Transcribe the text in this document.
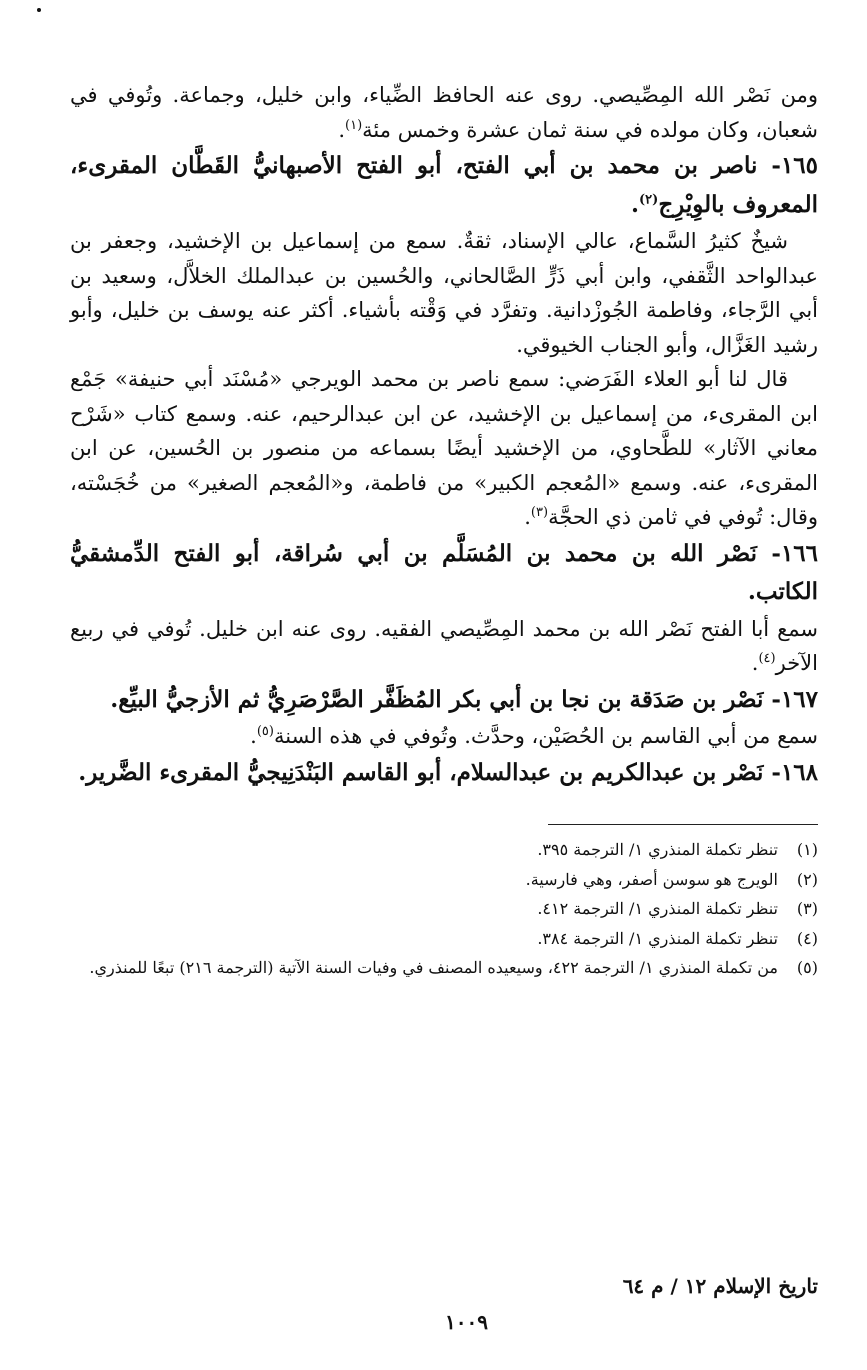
ومن نَصْر الله المِصِّيصي. روى عنه الحافظ الضِّياء، وابن خليل، وجماعة. وتُوفي في شعبان، وكان مولده في سنة ثمان عشرة وخمس مئة$^{(١)}$.

١٦٥- ناصر بن محمد بن أبي الفتح، أبو الفتح الأصبهانيُّ القَطَّان المقرىء، المعروف بالوِيْرِج$^{(٢)}$.

شيخٌ كثيرُ السَّماع، عالي الإسناد، ثقةٌ. سمع من إسماعيل بن الإخشيد، وجعفر بن عبدالواحد الثَّقفي، وابن أبي ذَرٍّ الصَّالحاني، والحُسين بن عبدالملك الخلاَّل، وسعيد بن أبي الرَّجاء، وفاطمة الجُوزْدانية. وتفرَّد في وَقْته بأشياء. أكثر عنه يوسف بن خليل، وأبو رشيد الغَزَّال، وأبو الجناب الخيوقي.

قال لنا أبو العلاء الفَرَضي: سمع ناصر بن محمد الويرجي «مُسْنَد أبي حنيفة» جَمْع ابن المقرىء، من إسماعيل بن الإخشيد، عن ابن عبدالرحيم، عنه. وسمع كتاب «شَرْح معاني الآثار» للطَّحاوي، من الإخشيد أيضًا بسماعه من منصور بن الحُسين، عن ابن المقرىء، عنه. وسمع «المُعجم الكبير» من فاطمة، و«المُعجم الصغير» من خُجَسْته، وقال: تُوفي في ثامن ذي الحجَّة$^{(٣)}$.

١٦٦- نَصْر الله بن محمد بن المُسَلَّم بن أبي سُراقة، أبو الفتح الدِّمشقيُّ الكاتب.

سمع أبا الفتح نَصْر الله بن محمد المِصِّيصي الفقيه. روى عنه ابن خليل. تُوفي في ربيع الآخر$^{(٤)}$.

١٦٧- نَصْر بن صَدَقة بن نجا بن أبي بكر المُظَفَّر الصَّرْصَرِيُّ ثم الأزجيُّ البيِّع.

سمع من أبي القاسم بن الحُصَيْن، وحدَّث. وتُوفي في هذه السنة$^{(٥)}$.

١٦٨- نَصْر بن عبدالكريم بن عبدالسلام، أبو القاسم البَنْدَنِيجيُّ المقرىء الضَّرير.

(١)
تنظر تكملة المنذري ١/ الترجمة ٣٩٥.
(٢)
الويرج هو سوسن أصفر، وهي فارسية.
(٣)
تنظر تكملة المنذري ١/ الترجمة ٤١٢.
(٤)
تنظر تكملة المنذري ١/ الترجمة ٣٨٤.
(٥)
من تكملة المنذري ١/ الترجمة ٤٢٢، وسيعيده المصنف في وفيات السنة الآتية (الترجمة ٢١٦) تبعًا للمنذري.
تاريخ الإسلام ١٢ / م ٦٤
١٠٠٩
